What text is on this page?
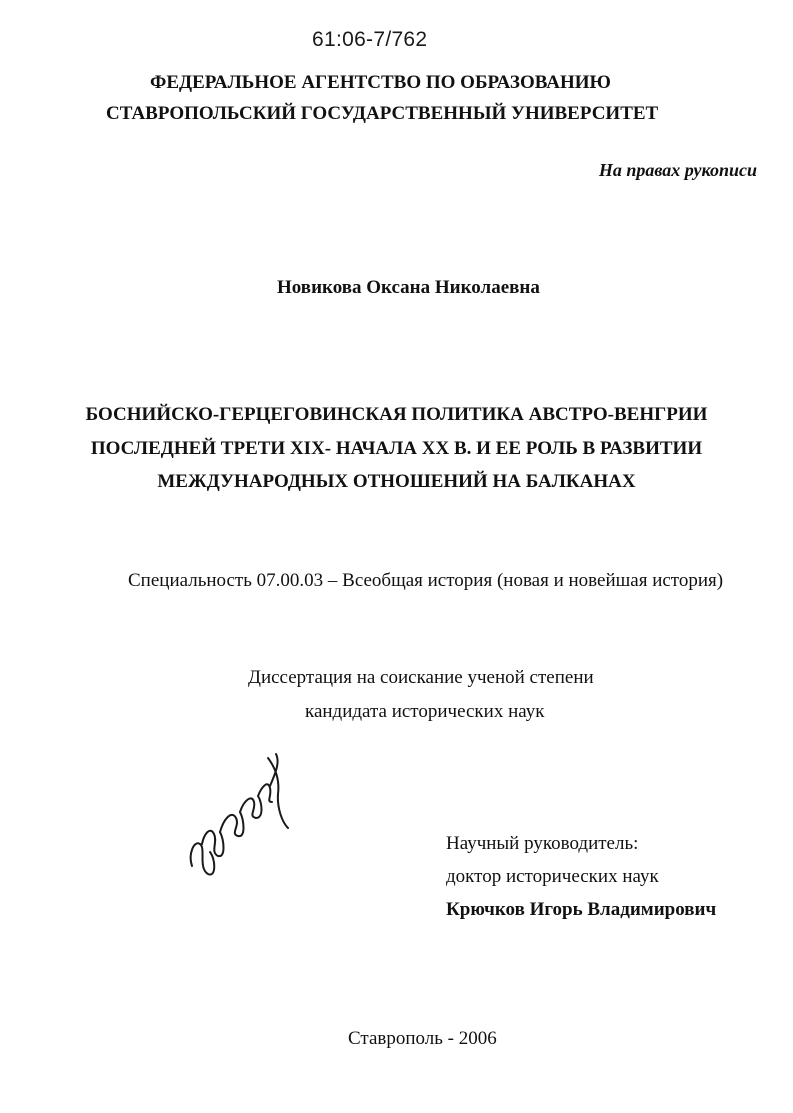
61:06-7/762

ФЕДЕРАЛЬНОЕ АГЕНТСТВО ПО ОБРАЗОВАНИЮ

СТАВРОПОЛЬСКИЙ ГОСУДАРСТВЕННЫЙ УНИВЕРСИТЕТ

На правах рукописи

Новикова Оксана Николаевна

БОСНИЙСКО-ГЕРЦЕГОВИНСКАЯ ПОЛИТИКА АВСТРО-ВЕНГРИИ

ПОСЛЕДНЕЙ ТРЕТИ XIX- НАЧАЛА XX В. И ЕЕ РОЛЬ В РАЗВИТИИ

МЕЖДУНАРОДНЫХ ОТНОШЕНИЙ НА БАЛКАНАХ

Специальность 07.00.03 – Всеобщая история (новая и новейшая история)

Диссертация на соискание ученой степени

кандидата исторических наук

Научный руководитель:

доктор исторических наук

Крючков Игорь Владимирович

Ставрополь - 2006
